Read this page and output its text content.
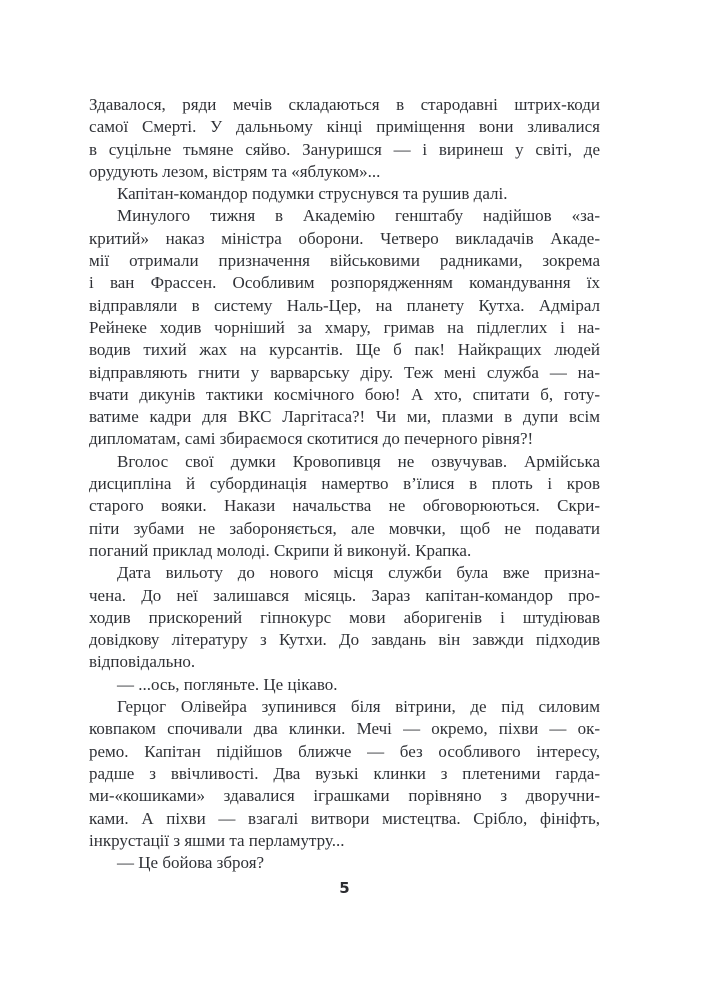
Здавалося, ряди мечів складаються в стародавні штрих-коди
самої Смерті. У дальньому кінці приміщення вони зливалися
в суцільне тьмяне сяйво. Зануришся — і виринеш у світі, де
орудують лезом, вістрям та «яблуком»...
Капітан-командор подумки струснувся та рушив далі.
Минулого тижня в Академію генштабу надійшов «за-
критий» наказ міністра оборони. Четверо викладачів Акаде-
мії отримали призначення військовими радниками, зокрема
і ван Фрассен. Особливим розпорядженням командування їх
відправляли в систему Наль-Цер, на планету Кутха. Адмірал
Рейнеке ходив чорніший за хмару, гримав на підлеглих і на-
водив тихий жах на курсантів. Ще б пак! Найкращих людей
відправляють гнити у варварську діру. Теж мені служба — на-
вчати дикунів тактики космічного бою! А хто, спитати б, готу-
ватиме кадри для ВКС Ларгітаса?! Чи ми, плазми в дупи всім
дипломатам, самі збираємося скотитися до печерного рівня?!
Вголос свої думки Кровопивця не озвучував. Армійська
дисципліна й субординація намертво в’їлися в плоть і кров
старого вояки. Накази начальства не обговорюються. Скри-
піти зубами не забороняється, але мовчки, щоб не подавати
поганий приклад молоді. Скрипи й виконуй. Крапка.
Дата вильоту до нового місця служби була вже призна-
чена. До неї залишався місяць. Зараз капітан-командор про-
ходив прискорений гіпнокурс мови аборигенів і штудіював
довідкову літературу з Кутхи. До завдань він завжди підходив
відповідально.
— ...ось, погляньте. Це цікаво.
Герцог Олівейра зупинився біля вітрини, де під силовим
ковпаком спочивали два клинки. Мечі — окремо, піхви — ок-
ремо. Капітан підійшов ближче — без особливого інтересу,
радше з ввічливості. Два вузькі клинки з плетеними гарда-
ми-«кошиками» здавалися іграшками порівняно з дворучни-
ками. А піхви — взагалі витвори мистецтва. Срібло, фініфть,
інкрустації з яшми та перламутру...
— Це бойова зброя?
5
